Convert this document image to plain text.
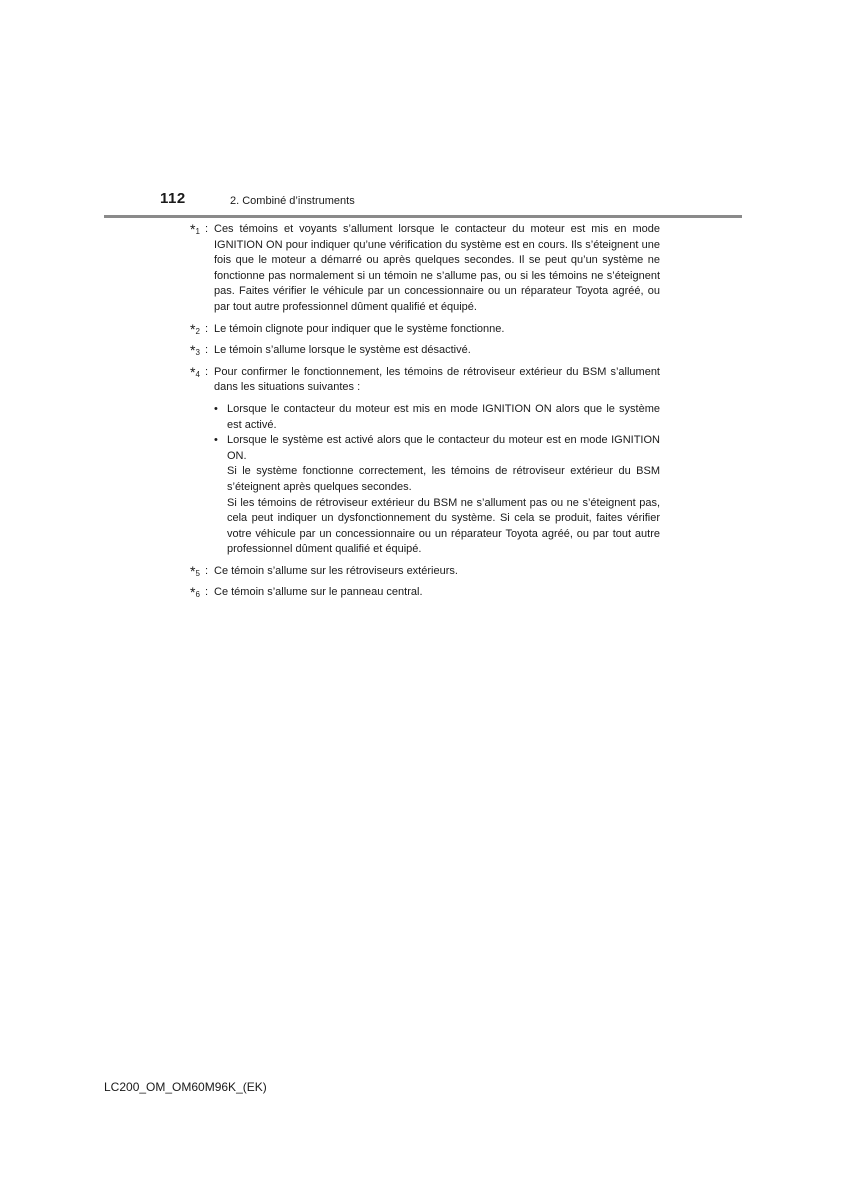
112	2. Combiné d’instruments
*$^1$ : Ces témoins et voyants s’allument lorsque le contacteur du moteur est mis en mode IGNITION ON pour indiquer qu’une vérification du système est en cours. Ils s’éteignent une fois que le moteur a démarré ou après quelques secondes. Il se peut qu’un système ne fonctionne pas normalement si un témoin ne s’allume pas, ou si les témoins ne s’éteignent pas. Faites vérifier le véhicule par un concessionnaire ou un réparateur Toyota agréé, ou par tout autre professionnel dûment qualifié et équipé.
*$^2$ : Le témoin clignote pour indiquer que le système fonctionne.
*$^3$ : Le témoin s’allume lorsque le système est désactivé.
*$^4$ : Pour confirmer le fonctionnement, les témoins de rétroviseur extérieur du BSM s’allument dans les situations suivantes :
• Lorsque le contacteur du moteur est mis en mode IGNITION ON alors que le système est activé.

• Lorsque le système est activé alors que le contacteur du moteur est en mode IGNITION ON.

Si le système fonctionne correctement, les témoins de rétroviseur extérieur du BSM s’éteignent après quelques secondes.

Si les témoins de rétroviseur extérieur du BSM ne s’allument pas ou ne s’éteignent pas, cela peut indiquer un dysfonctionnement du système. Si cela se produit, faites vérifier votre véhicule par un concessionnaire ou un réparateur Toyota agréé, ou par tout autre professionnel dûment qualifié et équipé.

*$^5$ : Ce témoin s’allume sur les rétroviseurs extérieurs.
*$^6$ : Ce témoin s’allume sur le panneau central.
LC200_OM_OM60M96K_(EK)
